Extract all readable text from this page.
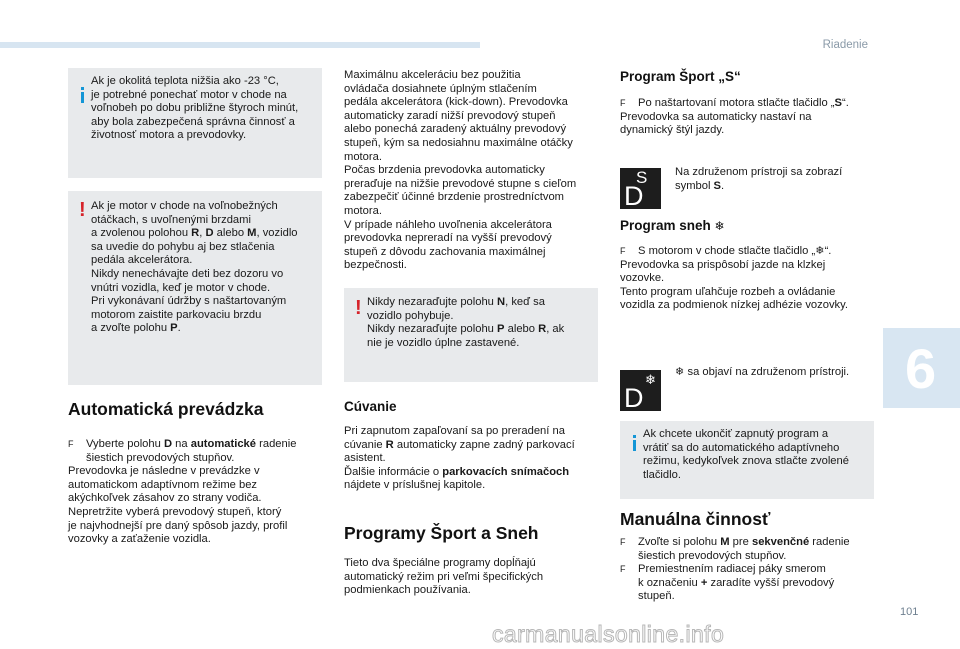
Riadenie
6
101
carmanualsonline.info
Ak je okolitá teplota nižšia ako -23 °C,
je potrebné ponechať motor v chode na
voľnobeh po dobu približne štyroch minút,
aby bola zabezpečená správna činnosť a
životnosť motora a prevodovky.
! Ak je motor v chode na voľnobežných
otáčkach, s uvoľnenými brzdami
a zvolenou polohou R, D alebo M, vozidlo
sa uvedie do pohybu aj bez stlačenia
pedála akcelerátora.
Nikdy nenechávajte deti bez dozoru vo
vnútri vozidla, keď je motor v chode.
Pri vykonávaní údržby s naštartovaným
motorom zaistite parkovaciu brzdu
a zvoľte polohu P.
Automatická prevádzka
F Vyberte polohu D na automatické radenie
šiestich prevodových stupňov.
Prevodovka je následne v prevádzke v
automatickom adaptívnom režime bez
akýchkoľvek zásahov zo strany vodiča.
Nepretržite vyberá prevodový stupeň, ktorý
je najvhodnejší pre daný spôsob jazdy, profil
vozovky a zaťaženie vozidla.
Maximálnu akceleráciu bez použitia
ovládača dosiahnete úplným stlačením
pedála akcelerátora (kick-down). Prevodovka
automaticky zaradí nižší prevodový stupeň
alebo ponechá zaradený aktuálny prevodový
stupeň, kým sa nedosiahnu maximálne otáčky
motora.
Počas brzdenia prevodovka automaticky
preraďuje na nižšie prevodové stupne s cieľom
zabezpečiť účinné brzdenie prostredníctvom
motora.
V prípade náhleho uvoľnenia akcelerátora
prevodovka nepreradí na vyšší prevodový
stupeň z dôvodu zachovania maximálnej
bezpečnosti.
! Nikdy nezaraďujte polohu N, keď sa
vozidlo pohybuje.
Nikdy nezaraďujte polohu P alebo R, ak
nie je vozidlo úplne zastavené.
Cúvanie
Pri zapnutom zapaľovaní sa po preradení na
cúvanie R automaticky zapne zadný parkovací
asistent.
Ďalšie informácie o parkovacích snímačoch
nájdete v príslušnej kapitole.
Programy Šport a Sneh
Tieto dva špeciálne programy dopĺňajú
automatický režim pri veľmi špecifických
podmienkach používania.
Program Šport „S“
F Po naštartovaní motora stlačte tlačidlo „S“.
Prevodovka sa automaticky nastaví na
dynamický štýl jazdy.
S
D
Na združenom prístroji sa zobrazí
symbol S.
Program sneh ❄
F S motorom v chode stlačte tlačidlo „❄“.
Prevodovka sa prispôsobí jazde na klzkej
vozovke.
Tento program uľahčuje rozbeh a ovládanie
vozidla za podmienok nízkej adhézie vozovky.
❄
D
❄ sa objaví na združenom prístroji.
Ak chcete ukončiť zapnutý program a
vrátiť sa do automatického adaptívneho
režimu, kedykoľvek znova stlačte zvolené
tlačidlo.
Manuálna činnosť
F Zvoľte si polohu M pre sekvenčné radenie
šiestich prevodových stupňov.
F Premiestnením radiacej páky smerom
k označeniu + zaradíte vyšší prevodový
stupeň.
